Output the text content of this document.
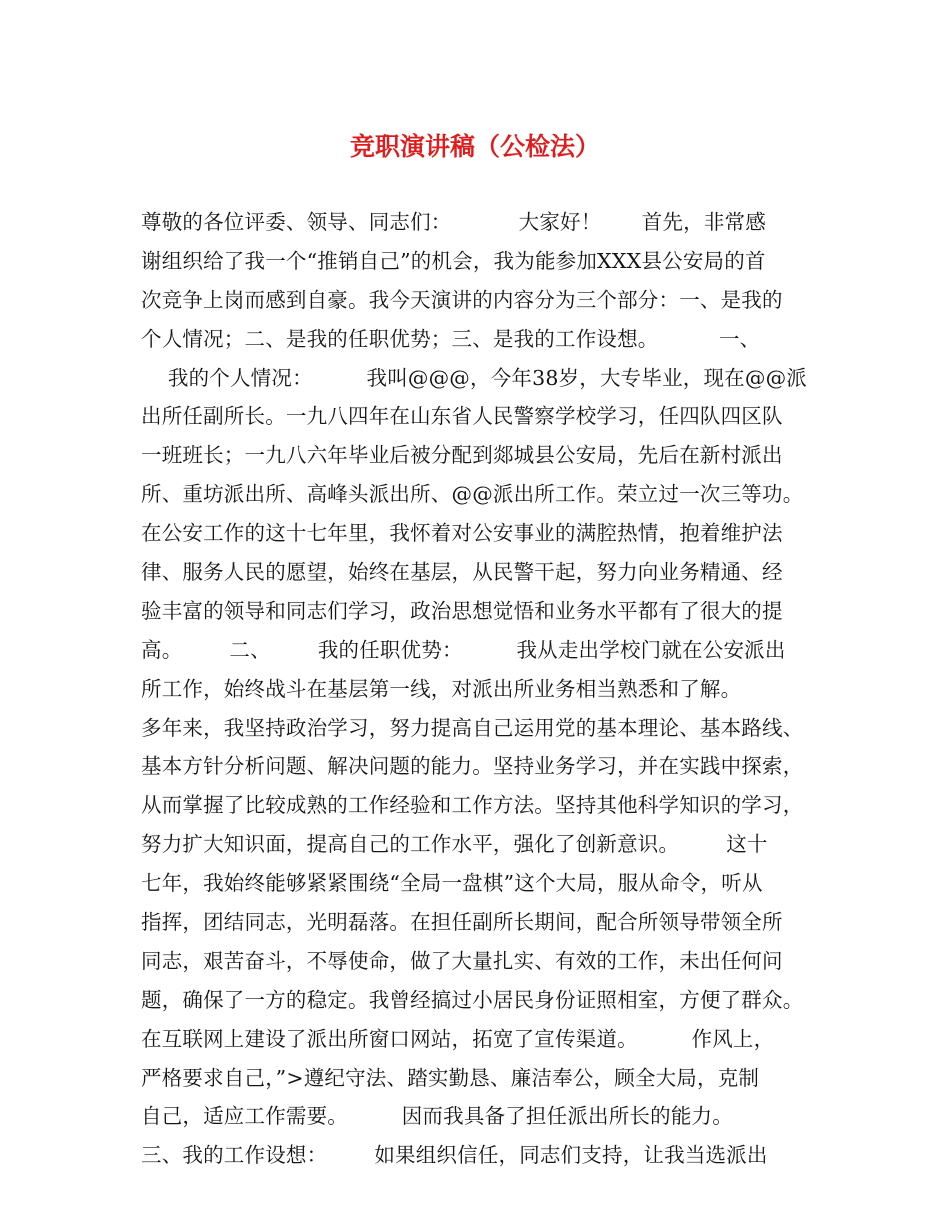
竞职演讲稿（公检法）
尊敬的各位评委、领导、同志们：          大家好！      首先，非常感
谢组织给了我一个“推销自己”的机会，我为能参加XXX县公安局的首
次竞争上岗而感到自豪。我今天演讲的内容分为三个部分：一、是我的
个人情况；二、是我的任职优势；三、是我的工作设想。         一、
我的个人情况：        我叫@@@，今年38岁，大专毕业，现在@@派
出所任副所长。一九八四年在山东省人民警察学校学习，任四队四区队
一班班长；一九八六年毕业后被分配到郯城县公安局，先后在新村派出
所、重坊派出所、高峰头派出所、@@派出所工作。荣立过一次三等功。
在公安工作的这十七年里，我怀着对公安事业的满腔热情，抱着维护法
律、服务人民的愿望，始终在基层，从民警干起，努力向业务精通、经
验丰富的领导和同志们学习，政治思想觉悟和业务水平都有了很大的提
高。       二、       我的任职优势：        我从走出学校门就在公安派出
所工作，始终战斗在基层第一线，对派出所业务相当熟悉和了解。
多年来，我坚持政治学习，努力提高自己运用党的基本理论、基本路线、
基本方针分析问题、解决问题的能力。坚持业务学习，并在实践中探索，
从而掌握了比较成熟的工作经验和工作方法。坚持其他科学知识的学习，
努力扩大知识面，提高自己的工作水平，强化了创新意识。       这十
七年，我始终能够紧紧围绕“全局一盘棋”这个大局，服从命令，听从
指挥，团结同志，光明磊落。在担任副所长期间，配合所领导带领全所
同志，艰苦奋斗，不辱使命，做了大量扎实、有效的工作，未出任何问
题，确保了一方的稳定。我曾经搞过小居民身份证照相室，方便了群众。
在互联网上建设了派出所窗口网站，拓宽了宣传渠道。        作风上，
严格要求自己，”>遵纪守法、踏实勤恳、廉洁奉公，顾全大局，克制
自己，适应工作需要。        因而我具备了担任派出所长的能力。
三、我的工作设想：       如果组织信任，同志们支持，让我当选派出
